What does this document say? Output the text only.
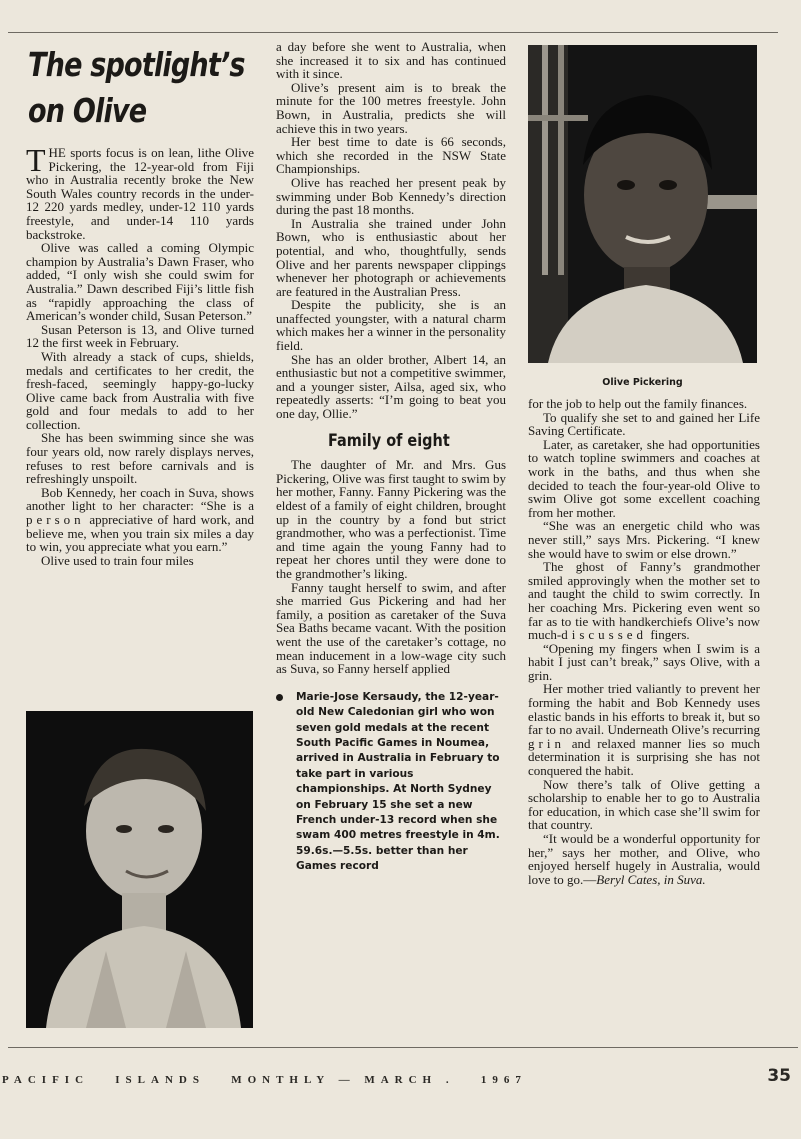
The spotlight’s
on Olive

THE sports focus is on lean, lithe Olive Pickering, the 12-year-old from Fiji who in Australia recently broke the New South Wales country records in the under-12 220 yards medley, under-12 110 yards freestyle, and under-14 110 yards backstroke.

Olive was called a coming Olympic champion by Australia’s Dawn Fraser, who added, “I only wish she could swim for Australia.” Dawn described Fiji’s little fish as “rapidly approaching the class of American’s wonder child, Susan Peterson.”

Susan Peterson is 13, and Olive turned 12 the first week in February.

With already a stack of cups, shields, medals and certificates to her credit, the fresh-faced, seemingly happy-go-lucky Olive came back from Australia with five gold and four medals to add to her collection.

She has been swimming since she was four years old, now rarely displays nerves, refuses to rest before carnivals and is refreshingly unspoilt.

Bob Kennedy, her coach in Suva, shows another light to her character: “She is a person appreciative of hard work, and believe me, when you train six miles a day to win, you appreciate what you earn.”

Olive used to train four miles

a day before she went to Australia, when she increased it to six and has continued with it since.

Olive’s present aim is to break the minute for the 100 metres freestyle. John Bown, in Australia, predicts she will achieve this in two years.

Her best time to date is 66 seconds, which she recorded in the NSW State Championships.

Olive has reached her present peak by swimming under Bob Kennedy’s direction during the past 18 months.

In Australia she trained under John Bown, who is enthusiastic about her potential, and who, thoughtfully, sends Olive and her parents newspaper clippings whenever her photograph or achievements are featured in the Australian Press.

Despite the publicity, she is an unaffected youngster, with a natural charm which makes her a winner in the personality field.

She has an older brother, Albert 14, an enthusiastic but not a competitive swimmer, and a younger sister, Ailsa, aged six, who repeatedly asserts: “I’m going to beat you one day, Ollie.”

Family of eight

The daughter of Mr. and Mrs. Gus Pickering, Olive was first taught to swim by her mother, Fanny. Fanny Pickering was the eldest of a family of eight children, brought up in the country by a fond but strict grandmother, who was a perfectionist. Time and time again the young Fanny had to repeat her chores until they were done to the grandmother’s liking.

Fanny taught herself to swim, and after she married Gus Pickering and had her family, a position as caretaker of the Suva Sea Baths became vacant. With the position went the use of the caretaker’s cottage, no mean inducement in a low-wage city such as Suva, so Fanny herself applied

Marie-Jose Kersaudy, the 12-year-old New Caledonian girl who won seven gold medals at the recent South Pacific Games in Noumea, arrived in Australia in February to take part in various championships. At North Sydney on February 15 she set a new French under-13 record when she swam 400 metres freestyle in 4m. 59.6s.—5.5s. better than her Games record
Olive Pickering

for the job to help out the family finances.

To qualify she set to and gained her Life Saving Certificate.

Later, as caretaker, she had opportunities to watch topline swimmers and coaches at work in the baths, and thus when she decided to teach the four-year-old Olive to swim Olive got some excellent coaching from her mother.

“She was an energetic child who was never still,” says Mrs. Pickering. “I knew she would have to swim or else drown.”

The ghost of Fanny’s grandmother smiled approvingly when the mother set to and taught the child to swim correctly. In her coaching Mrs. Pickering even went so far as to tie with handkerchiefs Olive’s now much-discussed fingers.

“Opening my fingers when I swim is a habit I just can’t break,” says Olive, with a grin.

Her mother tried valiantly to prevent her forming the habit and Bob Kennedy uses elastic bands in his efforts to break it, but so far to no avail. Underneath Olive’s recurring grin and relaxed manner lies so much determination it is surprising she has not conquered the habit.

Now there’s talk of Olive getting a scholarship to enable her to go to Australia for education, in which case she’ll swim for that country.

“It would be a wonderful opportunity for her,” says her mother, and Olive, who enjoyed herself hugely in Australia, would love to go.—Beryl Cates, in Suva.

PACIFIC   ISLANDS   MONTHLY — MARCH .   1967	35
